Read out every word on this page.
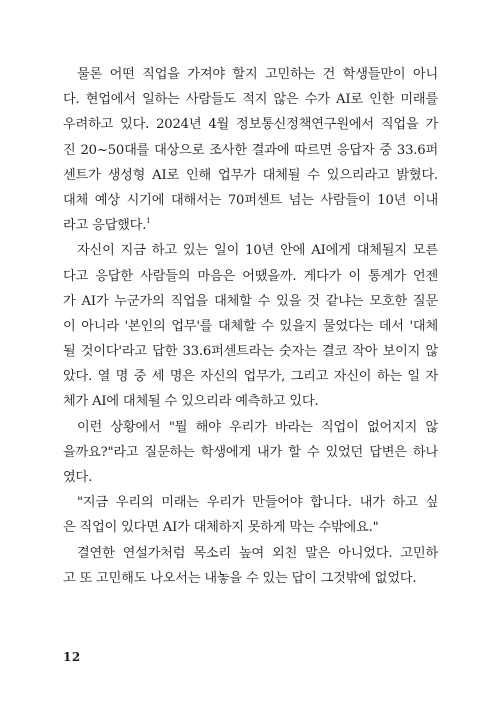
물론 어떤 직업을 가져야 할지 고민하는 건 학생들만이 아니
다. 현업에서 일하는 사람들도 적지 않은 수가 AI로 인한 미래를
우려하고 있다. 2024년 4월 정보통신정책연구원에서 직업을 가
진 20~50대를 대상으로 조사한 결과에 따르면 응답자 중 33.6퍼
센트가 생성형 AI로 인해 업무가 대체될 수 있으리라고 밝혔다.
대체 예상 시기에 대해서는 70퍼센트 넘는 사람들이 10년 이내
라고 응답했다.$^1$
자신이 지금 하고 있는 일이 10년 안에 AI에게 대체될지 모른
다고 응답한 사람들의 마음은 어땠을까. 게다가 이 통계가 언젠
가 AI가 누군가의 직업을 대체할 수 있을 것 같냐는 모호한 질문
이 아니라 '본인의 업무'를 대체할 수 있을지 물었다는 데서 '대체
될 것이다'라고 답한 33.6퍼센트라는 숫자는 결코 작아 보이지 않
았다. 열 명 중 세 명은 자신의 업무가, 그리고 자신이 하는 일 자
체가 AI에 대체될 수 있으리라 예측하고 있다.
이런 상황에서 "뭘 해야 우리가 바라는 직업이 없어지지 않
을까요?"라고 질문하는 학생에게 내가 할 수 있었던 답변은 하나
였다.
"지금 우리의 미래는 우리가 만들어야 합니다. 내가 하고 싶
은 직업이 있다면 AI가 대체하지 못하게 막는 수밖에요."
결연한 연설가처럼 목소리 높여 외친 말은 아니었다. 고민하
고 또 고민해도 나오서는 내놓을 수 있는 답이 그것밖에 없었다.
12
